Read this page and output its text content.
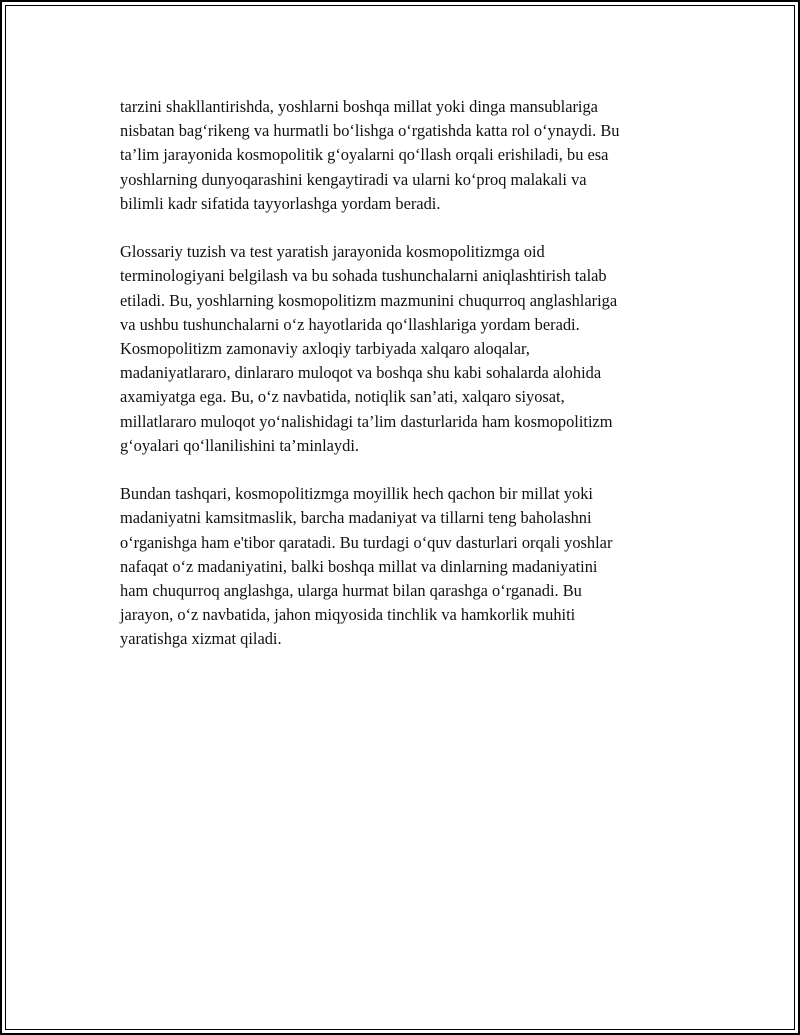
tarzini shakllantirishda, yoshlarni boshqa millat yoki dinga mansublariga
nisbatan bag‘rikeng va hurmatli bo‘lishga o‘rgatishda katta rol o‘ynaydi. Bu
ta’lim jarayonida kosmopolitik g‘oyalarni qo‘llash orqali erishiladi, bu esa
yoshlarning dunyoqarashini kengaytiradi va ularni ko‘proq malakali va
bilimli kadr sifatida tayyorlashga yordam beradi.

Glossariy tuzish va test yaratish jarayonida kosmopolitizmga oid
terminologiyani belgilash va bu sohada tushunchalarni aniqlashtirish talab
etiladi. Bu, yoshlarning kosmopolitizm mazmunini chuqurroq anglashlariga
va ushbu tushunchalarni o‘z hayotlarida qo‘llashlariga yordam beradi.
Kosmopolitizm zamonaviy axloqiy tarbiyada xalqaro aloqalar,
madaniyatlararo, dinlararo muloqot va boshqa shu kabi sohalarda alohida
axamiyatga ega. Bu, o‘z navbatida, notiqlik san’ati, xalqaro siyosat,
millatlararo muloqot yo‘nalishidagi ta’lim dasturlarida ham kosmopolitizm
g‘oyalari qo‘llanilishini ta’minlaydi.

Bundan tashqari, kosmopolitizmga moyillik hech qachon bir millat yoki
madaniyatni kamsitmaslik, barcha madaniyat va tillarni teng baholashni
o‘rganishga ham e'tibor qaratadi. Bu turdagi o‘quv dasturlari orqali yoshlar
nafaqat o‘z madaniyatini, balki boshqa millat va dinlarning madaniyatini
ham chuqurroq anglashga, ularga hurmat bilan qarashga o‘rganadi. Bu
jarayon, o‘z navbatida, jahon miqyosida tinchlik va hamkorlik muhiti
yaratishga xizmat qiladi.
